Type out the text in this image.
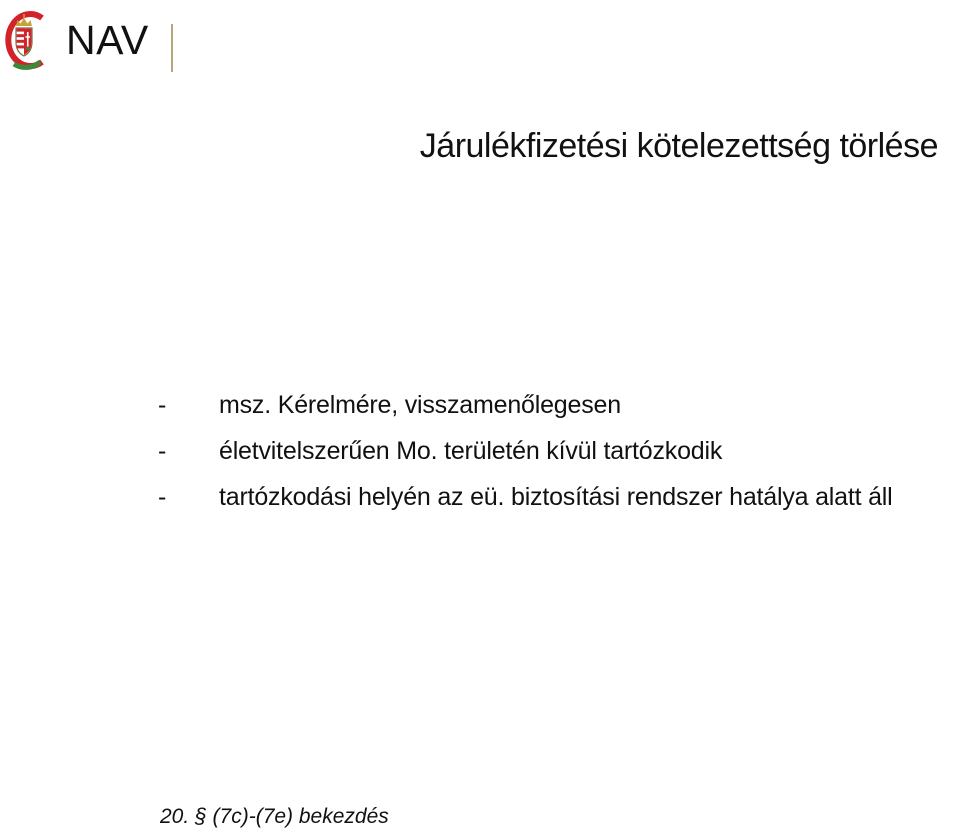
NAV
Járulékfizetési kötelezettség törlése
- msz. Kérelmére, visszamenőlegesen
- életvitelszerűen Mo. területén kívül tartózkodik
- tartózkodási helyén az eü. biztosítási rendszer hatálya alatt áll
20. § (7c)-(7e) bekezdés
